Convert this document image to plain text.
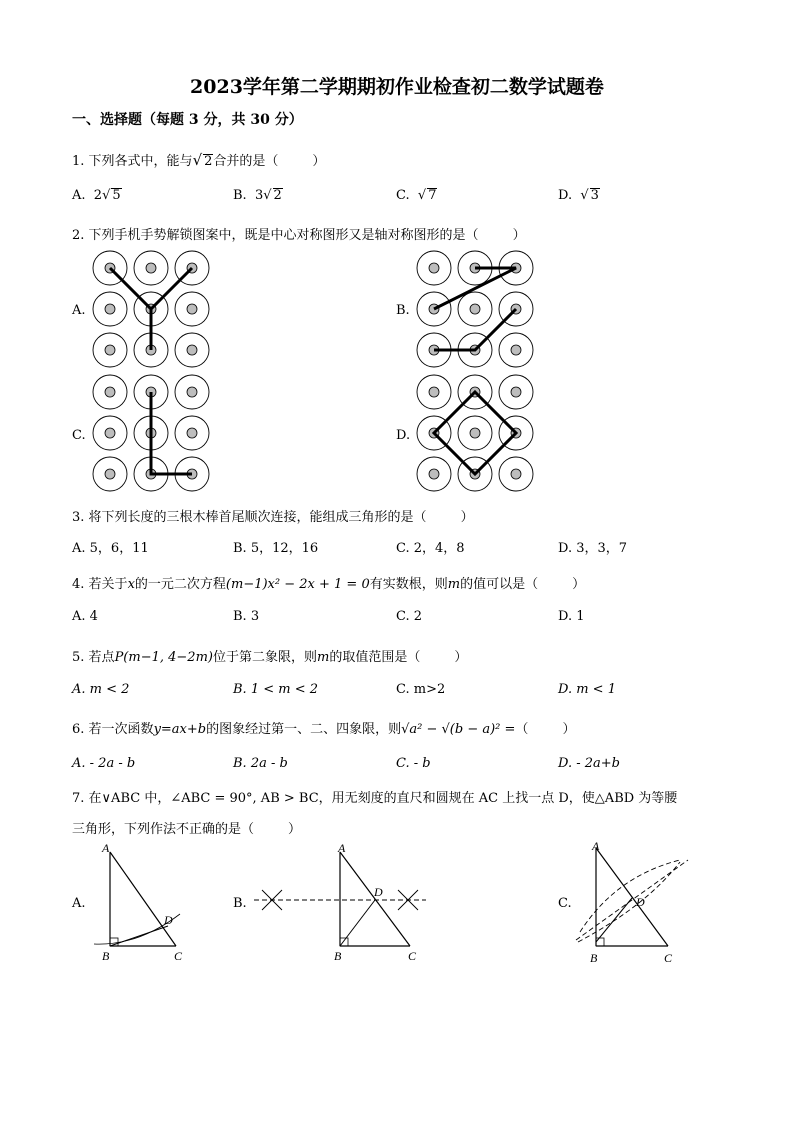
2023学年第二学期期初作业检查初二数学试题卷
一、选择题（每题 3 分，共 30 分）
1. 下列各式中，能与√ 2合并的是（	）
A. 2√ 5	B. 3√ 2	C. √ 7	D. √ 3
2. 下列手机手势解锁图案中，既是中心对称图形又是轴对称图形的是（	）
A.	B.
C.	D.
3. 将下列长度的三根木棒首尾顺次连接，能组成三角形的是（	）
A. 5，6，11	B. 5，12，16	C. 2，4，8	D. 3，3，7
4. 若关于x的一元二次方程(m−1)x² − 2x + 1 = 0有实数根，则m的值可以是（	）
A. 4	B. 3	C. 2	D. 1
5. 若点P(m−1, 4−2m)位于第二象限，则m的取值范围是（	）
A. m < 2	B. 1 < m < 2	C. m>2	D. m < 1
6. 若一次函数y=ax+b的图象经过第一、二、四象限，则√a² − √(b − a)² =（	）
A. - 2a - b	B. 2a - b	C. - b	D. - 2a+b
7. 在∨ABC 中，∠ABC = 90°, AB > BC，用无刻度的直尺和圆规在 AC 上找一点 D，使△ABD 为等腰
三角形，下列作法不正确的是（	）
A.	B.	C.
A
B	C
D
A
B	C
D
A
B	C
D
